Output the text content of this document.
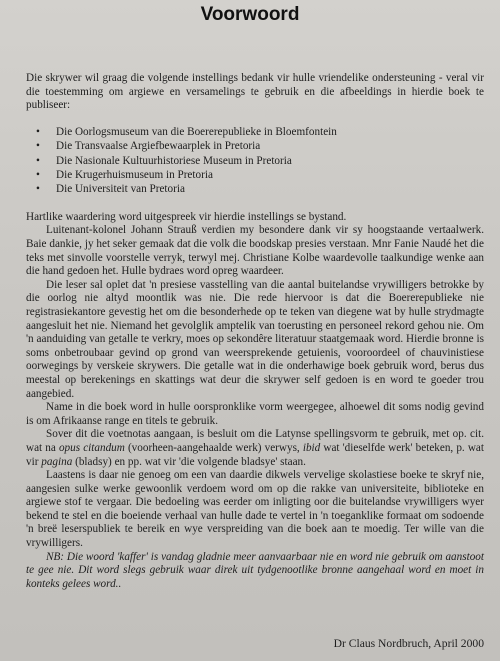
Voorwoord

Die skrywer wil graag die volgende instellings bedank vir hulle vriendelike ondersteuning - veral vir die toestemming om argiewe en versamelings te gebruik en die afbeeldings in hierdie boek te publiseer:

• Die Oorlogsmuseum van die Boererepublieke in Bloemfontein
• Die Transvaalse Argiefbewaarplek in Pretoria
• Die Nasionale Kultuurhistoriese Museum in Pretoria
• Die Krugerhuismuseum in Pretoria
• Die Universiteit van Pretoria

Hartlike waardering word uitgespreek vir hierdie instellings se bystand.

Luitenant-kolonel Johann Strauß verdien my besondere dank vir sy hoogstaande vertaalwerk. Baie dankie, jy het seker gemaak dat die volk die boodskap presies verstaan. Mnr Fanie Naudé het die teks met sinvolle voorstelle verryk, terwyl mej. Christiane Kolbe waardevolle taalkundige wenke aan die hand gedoen het. Hulle bydraes word opreg waardeer.

Die leser sal oplet dat 'n presiese vasstelling van die aantal buitelandse vrywilligers betrokke by die oorlog nie altyd moontlik was nie. Die rede hiervoor is dat die Boererepublieke nie registrasiekantore gevestig het om die besonderhede op te teken van diegene wat by hulle strydmagte aangesluit het nie. Niemand het gevolglik amptelik van toerusting en personeel rekord gehou nie. Om 'n aanduiding van getalle te verkry, moes op sekondêre literatuur staatgemaak word. Hierdie bronne is soms onbetroubaar gevind op grond van weersprekende getuienis, vooroordeel of chauvinistiese oorwegings by verskeie skrywers. Die getalle wat in die onderhawige boek gebruik word, berus dus meestal op berekenings en skattings wat deur die skrywer self gedoen is en word te goeder trou aangebied.

Name in die boek word in hulle oorspronklike vorm weergegee, alhoewel dit soms nodig gevind is om Afrikaanse range en titels te gebruik.

Sover dit die voetnotas aangaan, is besluit om die Latynse spellingsvorm te gebruik, met op. cit. wat na opus citandum (voorheen-aangehaalde werk) verwys, ibid wat 'dieselfde werk' beteken, p. wat vir pagina (bladsy) en pp. wat vir 'die volgende bladsye' staan.

Laastens is daar nie genoeg om een van daardie dikwels vervelige skolastiese boeke te skryf nie, aangesien sulke werke gewoonlik verdoem word om op die rakke van universiteite, biblioteke en argiewe stof te vergaar. Die bedoeling was eerder om inligting oor die buitelandse vrywilligers wyer bekend te stel en die boeiende verhaal van hulle dade te vertel in 'n toeganklike formaat om sodoende 'n breë leserspubliek te bereik en wye verspreiding van die boek aan te moedig. Ter wille van die vrywilligers.

NB: Die woord 'kaffer' is vandag gladnie meer aanvaarbaar nie en word nie gebruik om aanstoot te gee nie. Dit word slegs gebruik waar direk uit tydgenootlike bronne aangehaal word en moet in konteks gelees word..

Dr Claus Nordbruch, April 2000
